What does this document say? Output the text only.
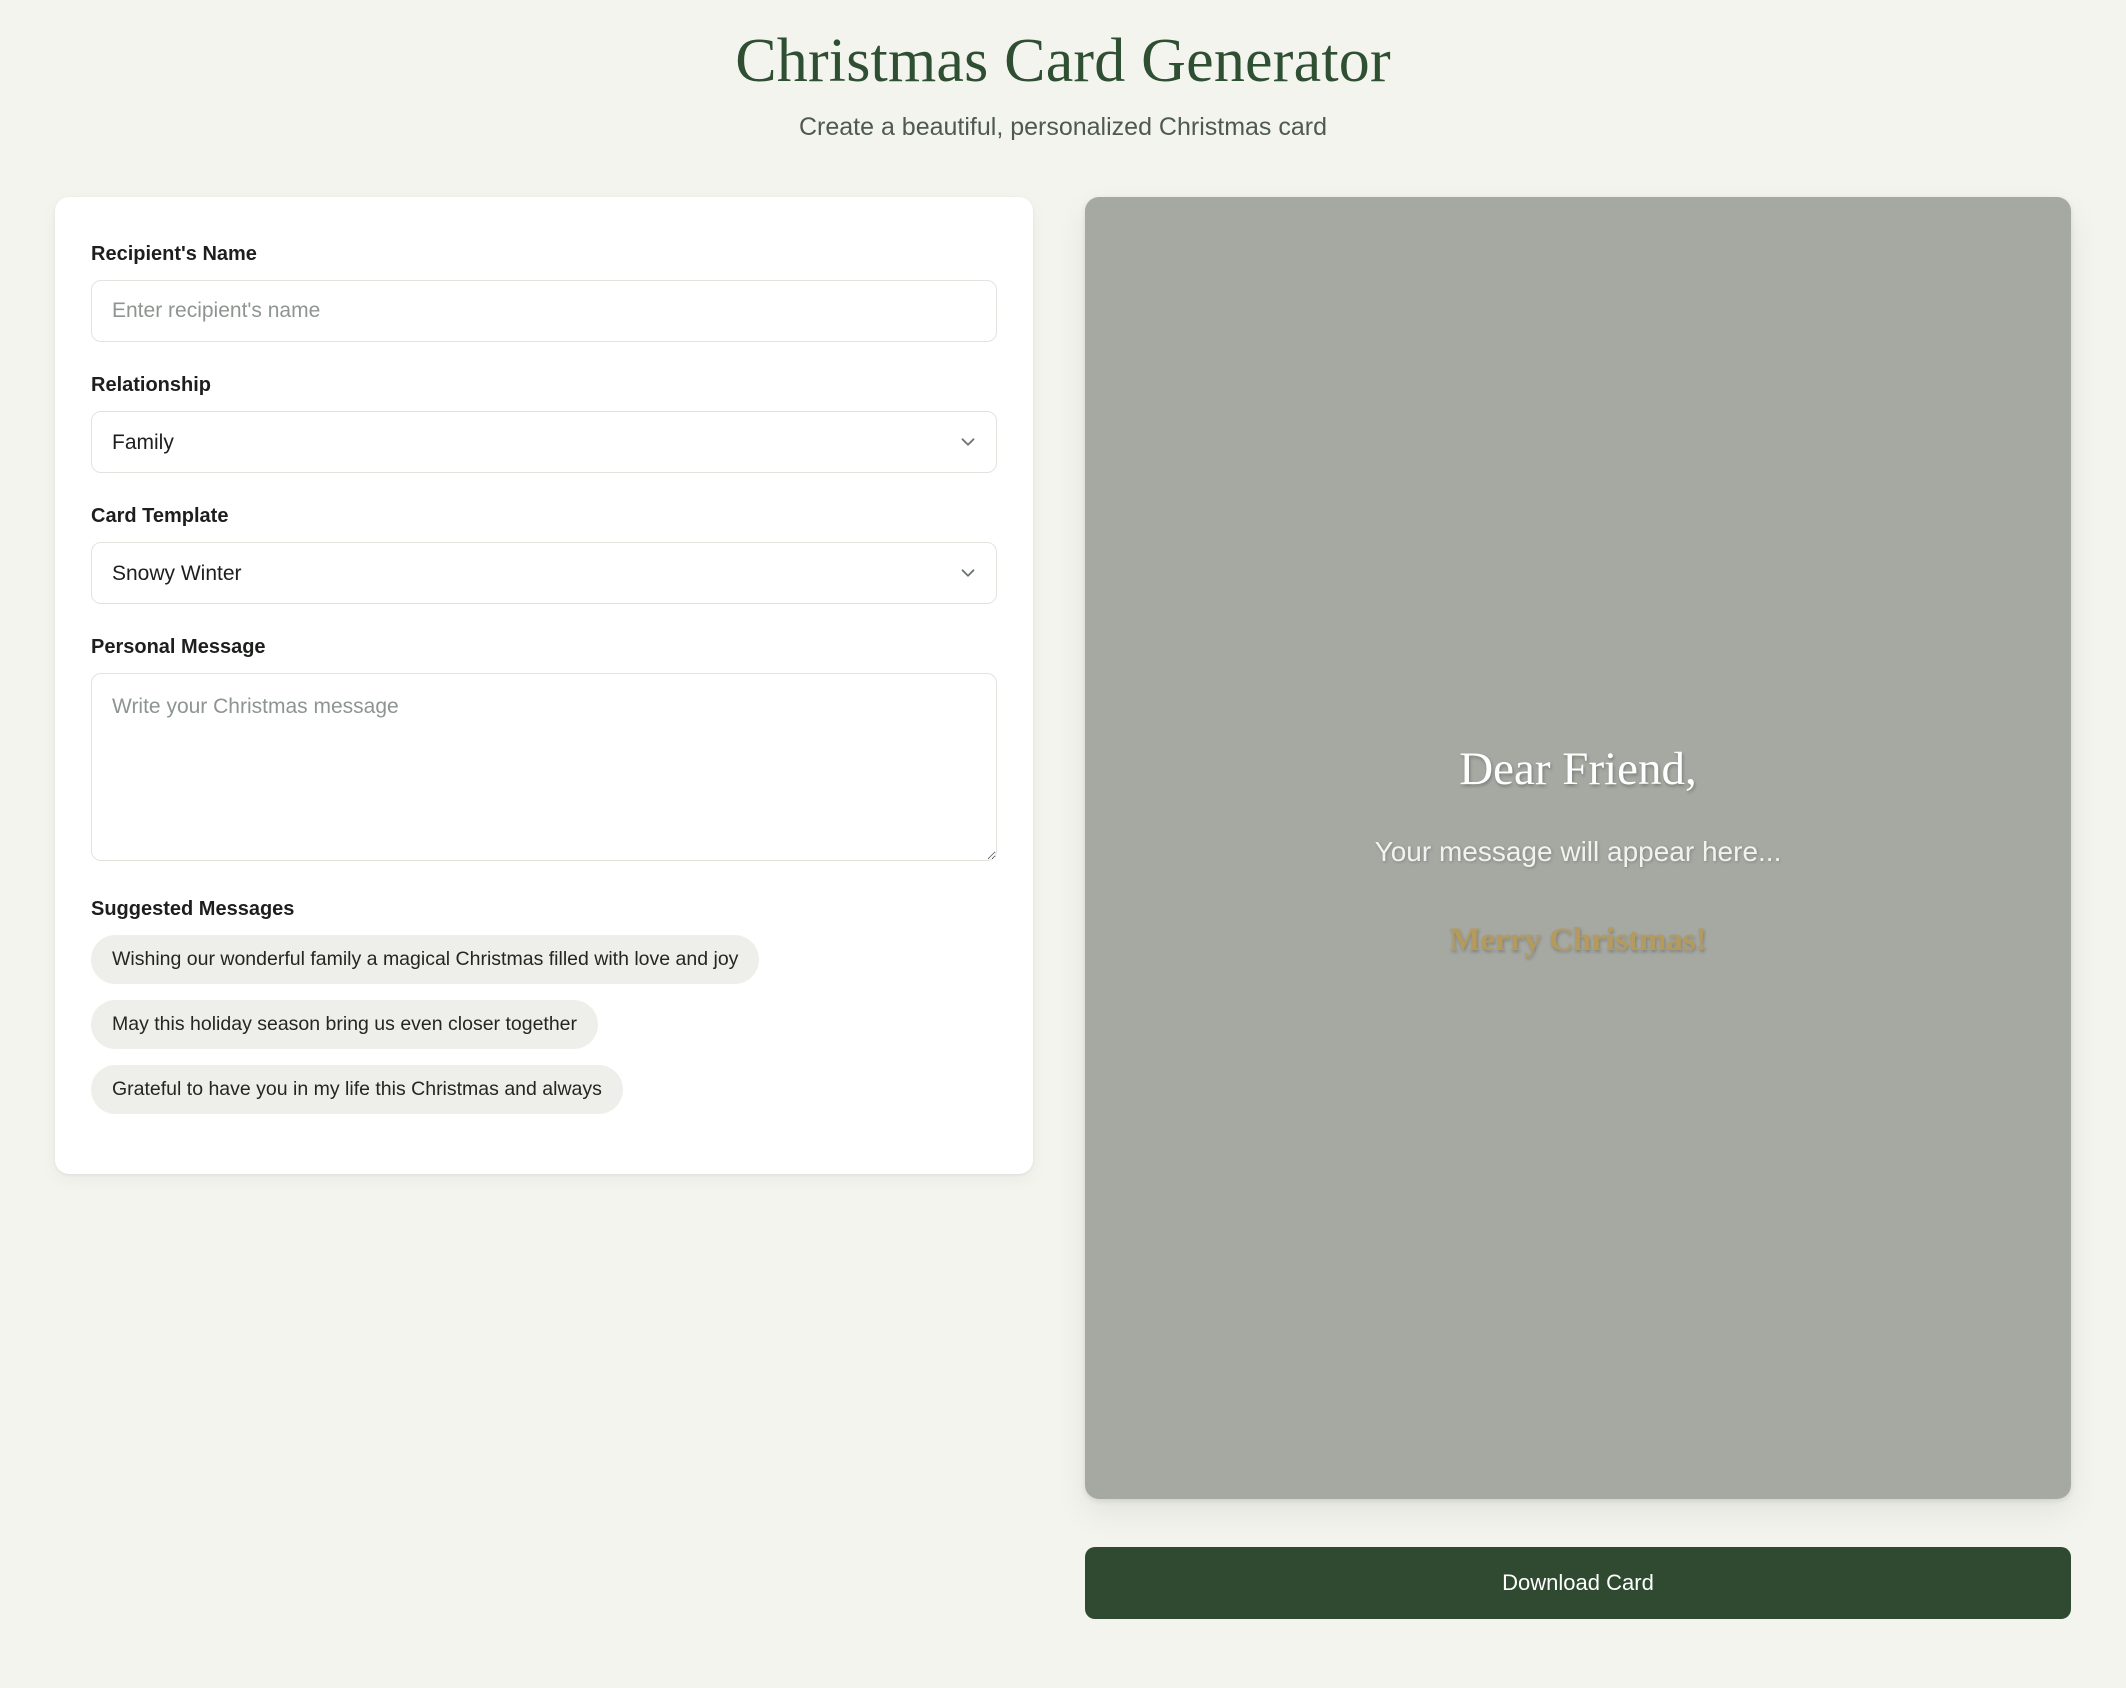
Christmas Card Generator

Create a beautiful, personalized Christmas card

Recipient's Name
Enter recipient's name
Relationship
Family
Card Template
Snowy Winter
Personal Message
Write your Christmas message
Suggested Messages
Wishing our wonderful family a magical Christmas filled with love and joy
May this holiday season bring us even closer together
Grateful to have you in my life this Christmas and always

Dear Friend,

Your message will appear here...

Merry Christmas!

Download Card
